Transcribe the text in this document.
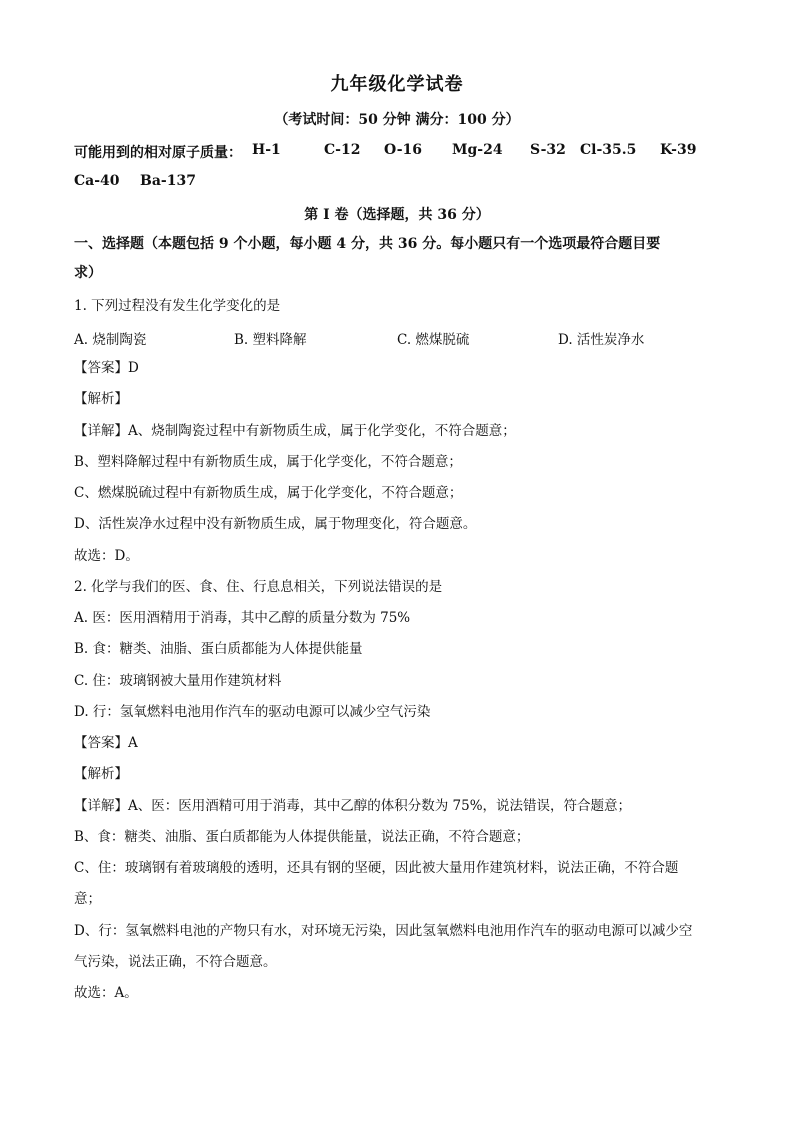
九年级化学试卷
（考试时间：50 分钟 满分：100 分）
可能用到的相对原子质量： H-1	C-12 O-16 Mg-24 S-32 Cl-35.5 K-39
Ca-40 Ba-137
第 I 卷（选择题，共 36 分）
一、选择题（本题包括 9 个小题，每小题 4 分，共 36 分。每小题只有一个选项最符合题目要
求）
1. 下列过程没有发生化学变化的是
A. 烧制陶瓷	B. 塑料降解	C. 燃煤脱硫	D. 活性炭净水
【答案】D
【解析】
【详解】A、烧制陶瓷过程中有新物质生成，属于化学变化，不符合题意；
B、塑料降解过程中有新物质生成，属于化学变化，不符合题意；
C、燃煤脱硫过程中有新物质生成，属于化学变化，不符合题意；
D、活性炭净水过程中没有新物质生成，属于物理变化，符合题意。
故选：D。
2. 化学与我们的医、食、住、行息息相关，下列说法错误的是
A. 医：医用酒精用于消毒，其中乙醇的质量分数为 75%
B. 食：糖类、油脂、蛋白质都能为人体提供能量
C. 住：玻璃钢被大量用作建筑材料
D. 行：氢氧燃料电池用作汽车的驱动电源可以减少空气污染
【答案】A
【解析】
【详解】A、医：医用酒精可用于消毒，其中乙醇的体积分数为 75%，说法错误，符合题意；
B、食：糖类、油脂、蛋白质都能为人体提供能量，说法正确，不符合题意；
C、住：玻璃钢有着玻璃般的透明，还具有钢的坚硬，因此被大量用作建筑材料，说法正确，不符合题
意；
D、行：氢氧燃料电池的产物只有水，对环境无污染，因此氢氧燃料电池用作汽车的驱动电源可以减少空
气污染，说法正确，不符合题意。
故选：A。
